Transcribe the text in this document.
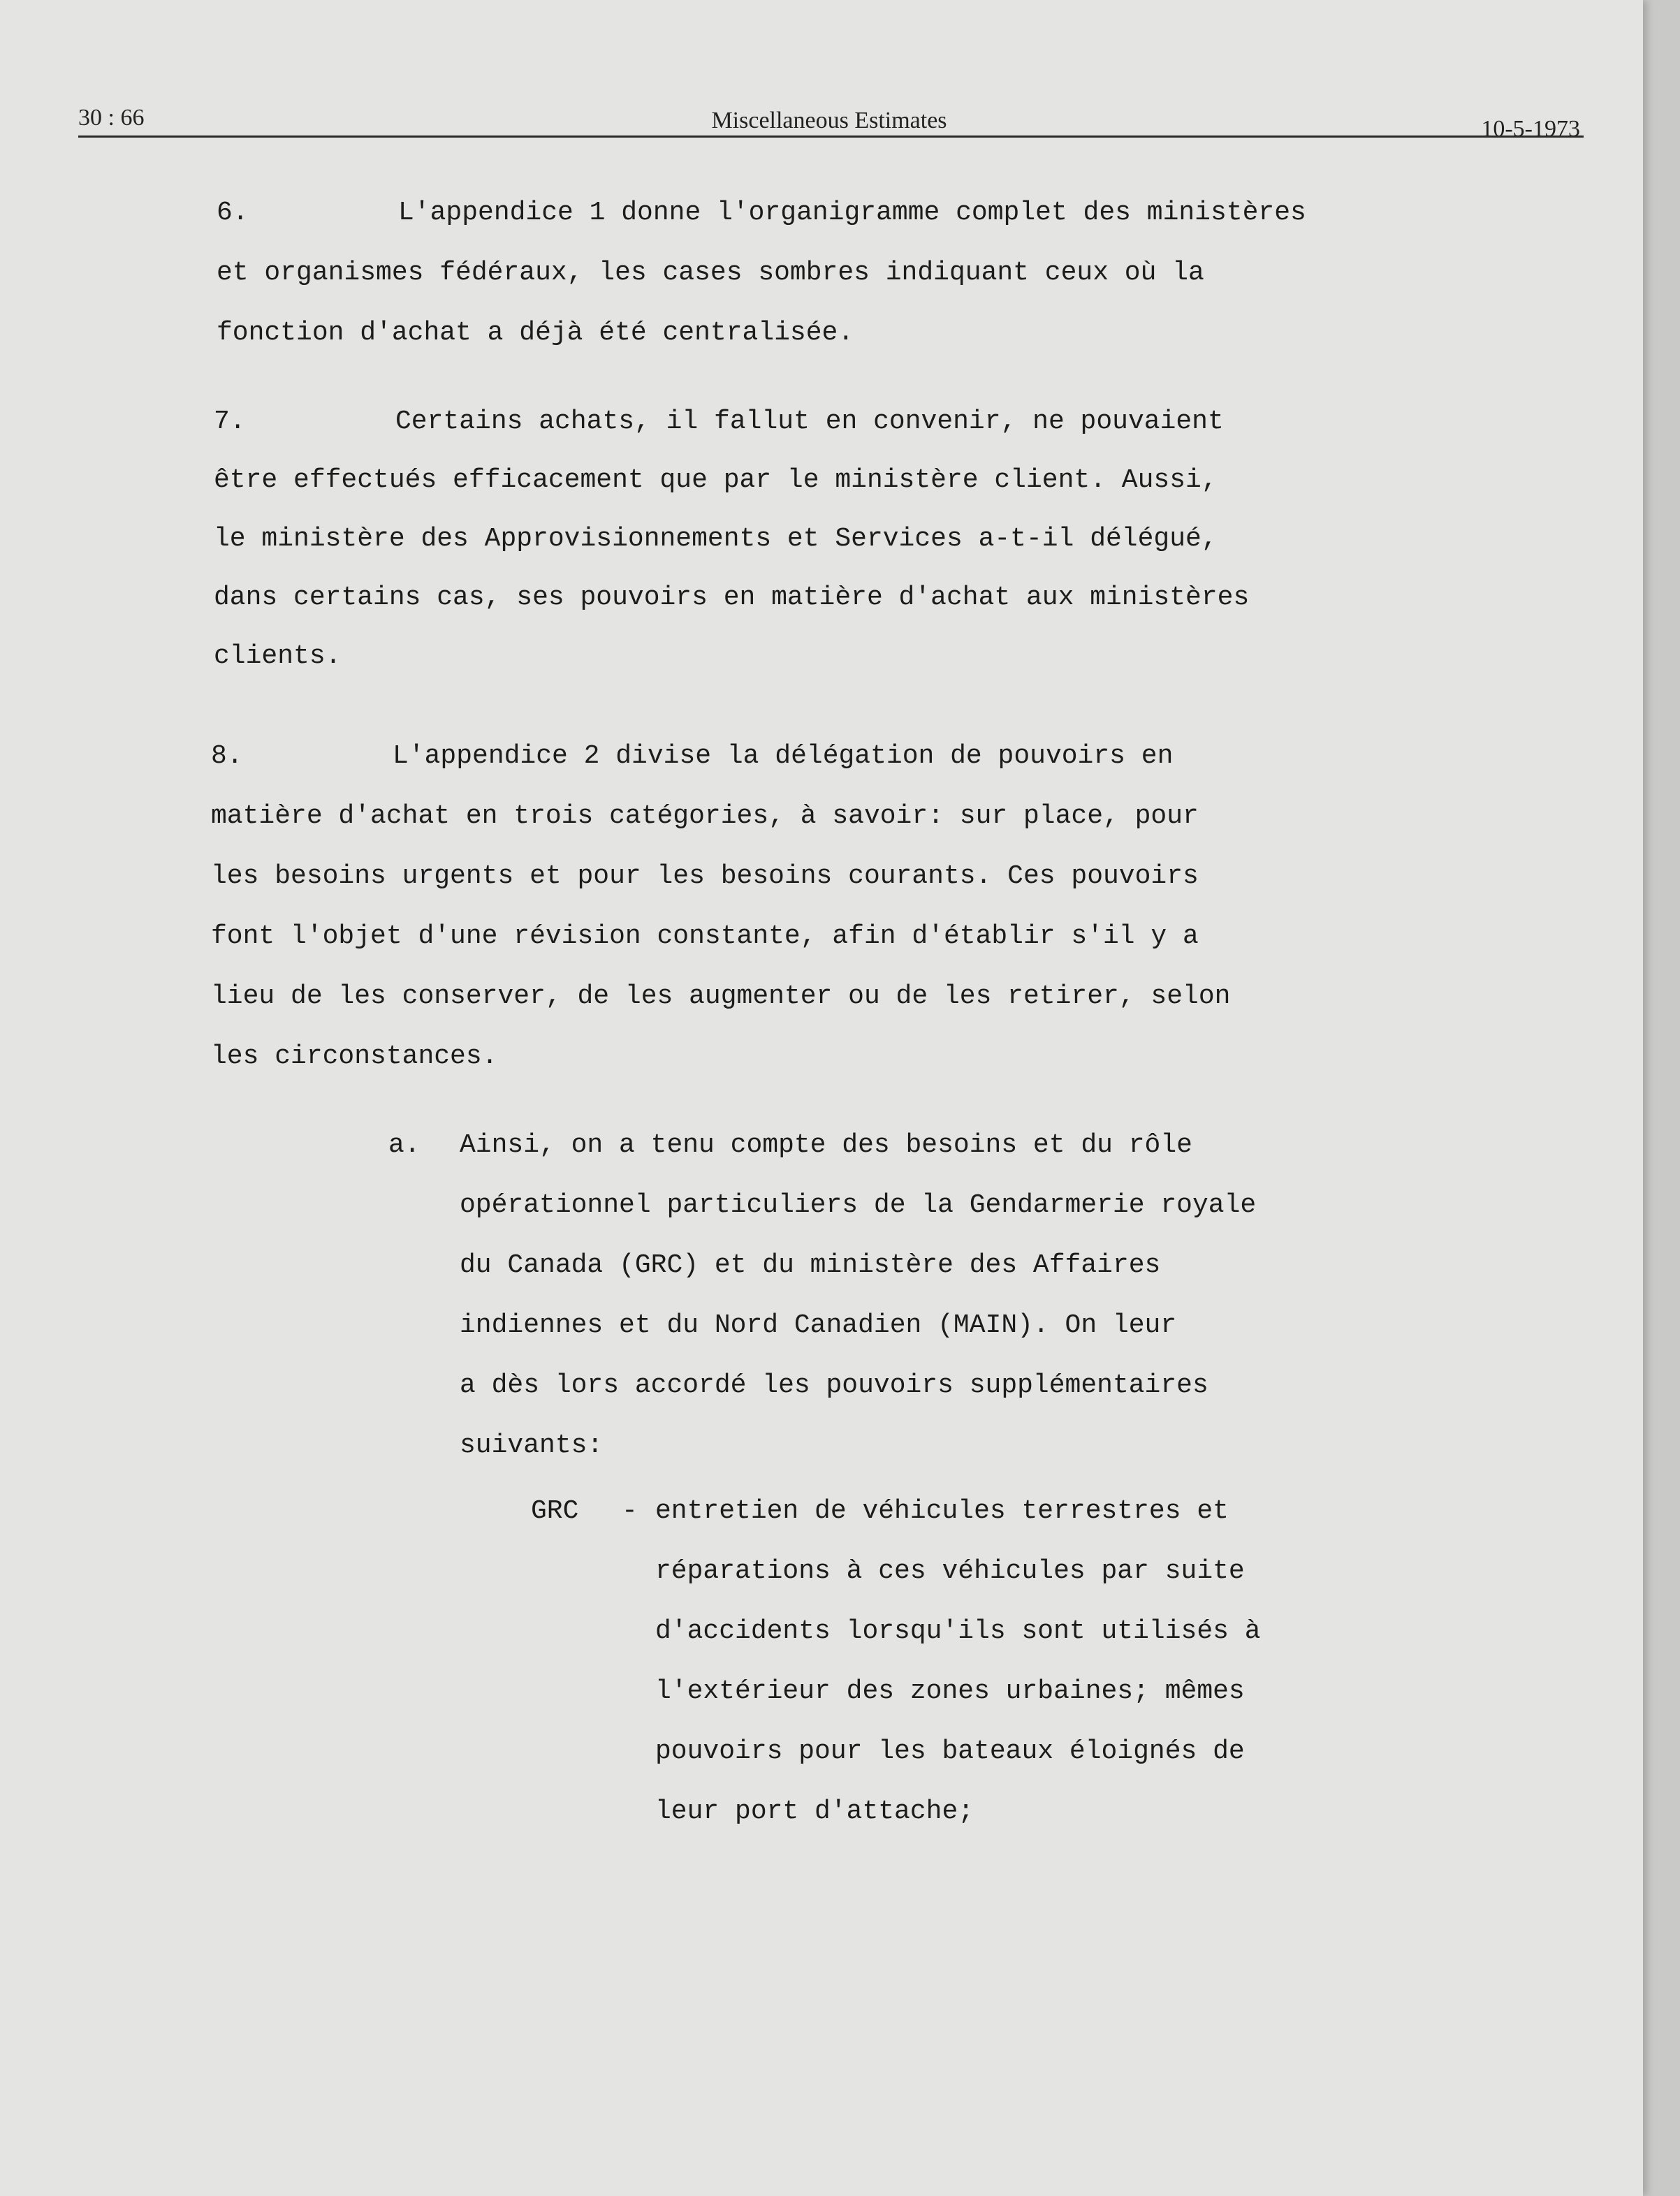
30 : 66	Miscellaneous Estimates	10-5-1973
6.	L'appendice 1 donne l'organigramme complet des ministères
et organismes fédéraux, les cases sombres indiquant ceux où la
fonction d'achat a déjà été centralisée.
7.	Certains achats, il fallut en convenir, ne pouvaient
être effectués efficacement que par le ministère client. Aussi,
le ministère des Approvisionnements et Services a-t-il délégué,
dans certains cas, ses pouvoirs en matière d'achat aux ministères
clients.
8.	L'appendice 2 divise la délégation de pouvoirs en
matière d'achat en trois catégories, à savoir: sur place, pour
les besoins urgents et pour les besoins courants. Ces pouvoirs
font l'objet d'une révision constante, afin d'établir s'il y a
lieu de les conserver, de les augmenter ou de les retirer, selon
les circonstances.
a. Ainsi, on a tenu compte des besoins et du rôle
opérationnel particuliers de la Gendarmerie royale
du Canada (GRC) et du ministère des Affaires
indiennes et du Nord Canadien (MAIN). On leur
a dès lors accordé les pouvoirs supplémentaires
suivants:
GRC - entretien de véhicules terrestres et
réparations à ces véhicules par suite
d'accidents lorsqu'ils sont utilisés à
l'extérieur des zones urbaines; mêmes
pouvoirs pour les bateaux éloignés de
leur port d'attache;
